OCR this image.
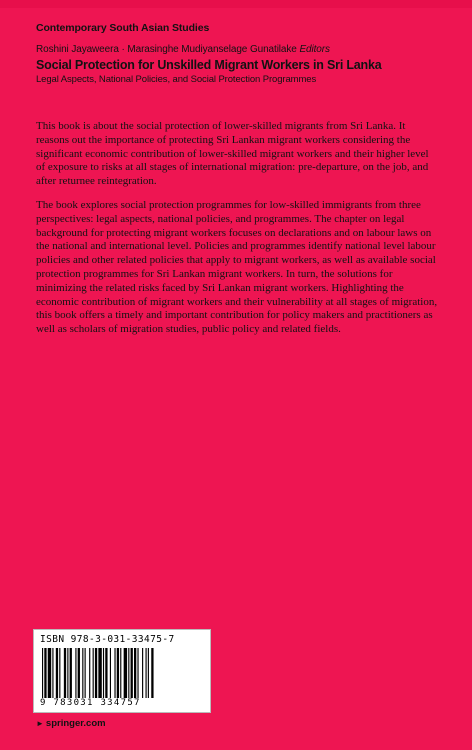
Contemporary South Asian Studies
Roshini Jayaweera · Marasinghe Mudiyanselage Gunatilake Editors
Social Protection for Unskilled Migrant Workers in Sri Lanka
Legal Aspects, National Policies, and Social Protection Programmes

This book is about the social protection of lower-skilled migrants from Sri Lanka. It reasons out the importance of protecting Sri Lankan migrant workers considering the significant economic contribution of lower-skilled migrant workers and their higher level of exposure to risks at all stages of international migration: pre-departure, on the job, and after returnee reintegration.

The book explores social protection programmes for low-skilled immigrants from three perspectives: legal aspects, national policies, and programmes. The chapter on legal background for protecting migrant workers focuses on declarations and on labour laws on the national and international level. Policies and programmes identify national level labour policies and other related policies that apply to migrant workers, as well as available social protection programmes for Sri Lankan migrant workers. In turn, the solutions for minimizing the related risks faced by Sri Lankan migrant workers. Highlighting the economic contribution of migrant workers and their vulnerability at all stages of migration, this book offers a timely and important contribution for policy makers and practitioners as well as scholars of migration studies, public policy and related fields.

ISBN 978-3-031-33475-7
9 783031 334757
► springer.com
